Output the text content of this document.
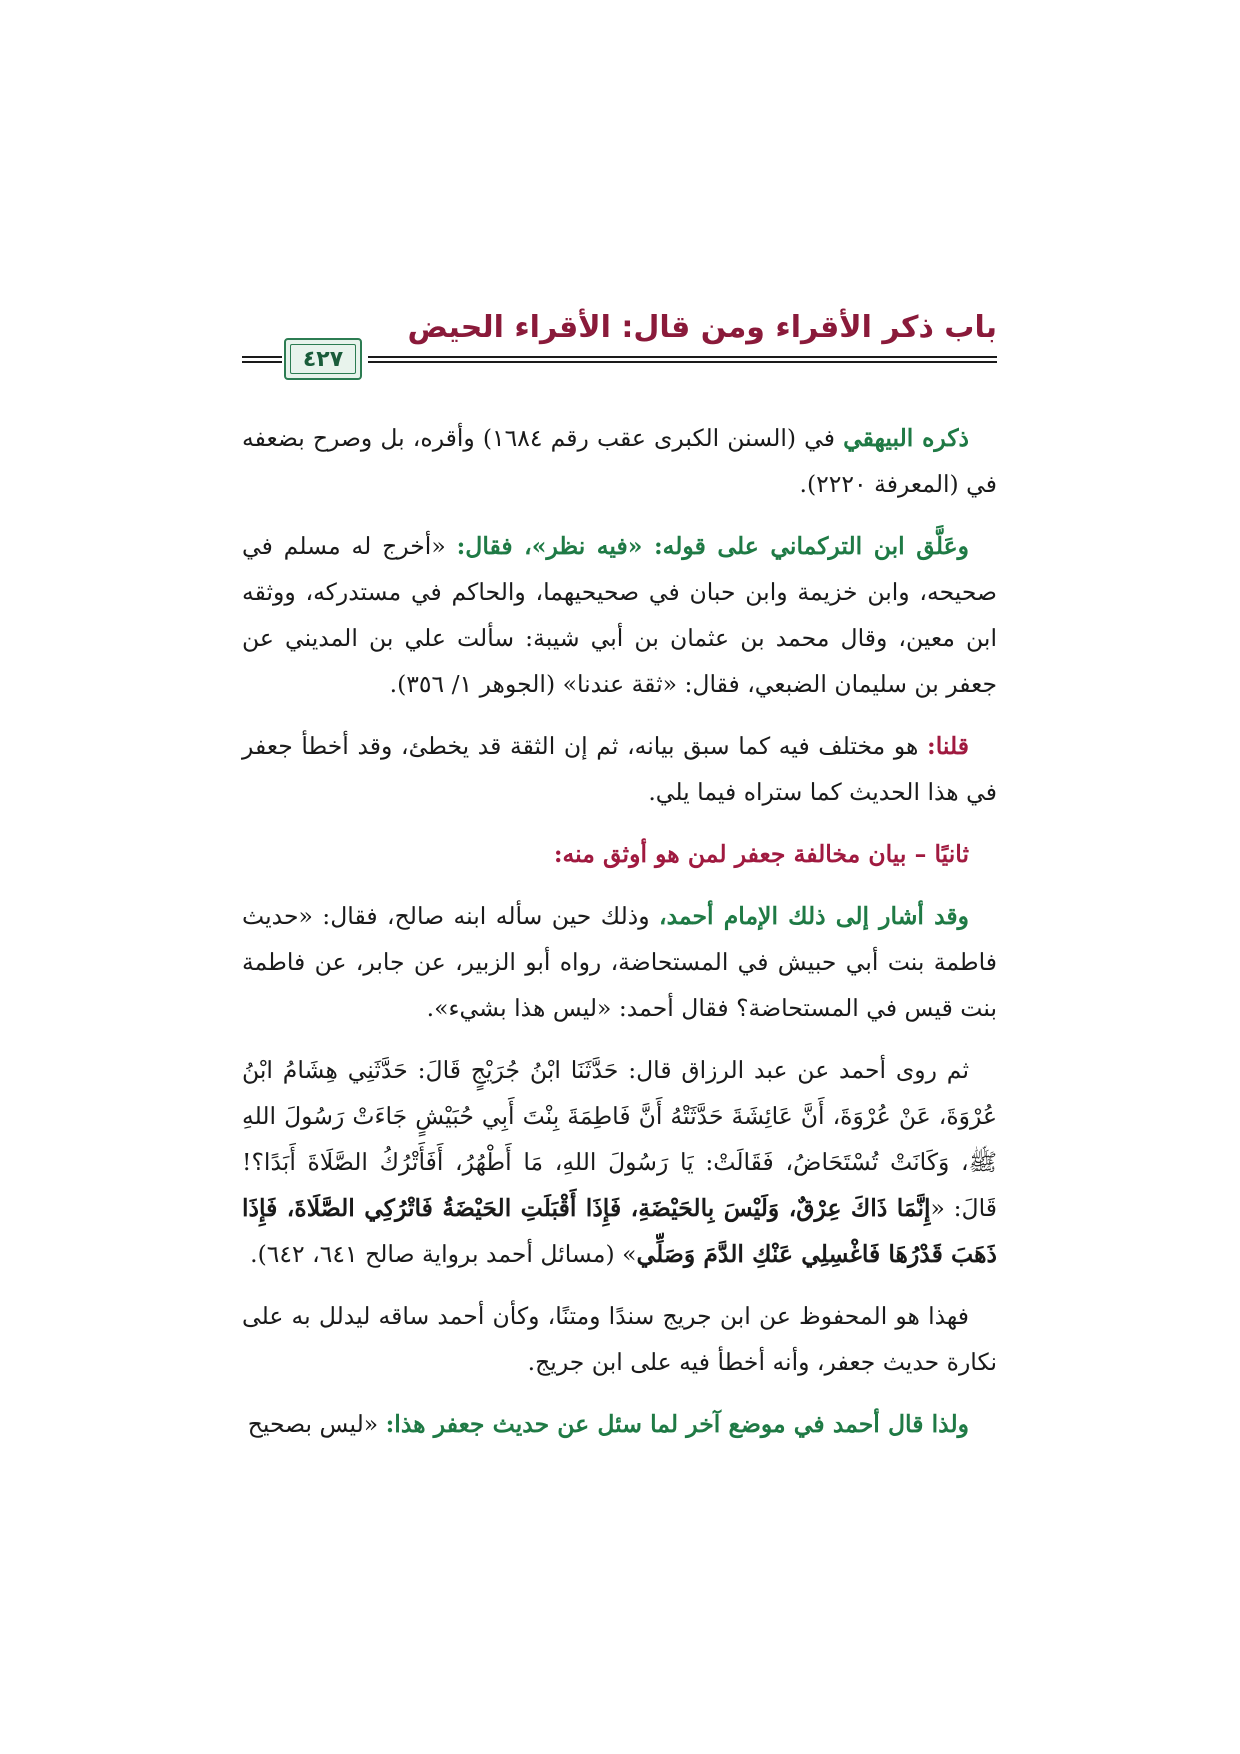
باب ذكر الأقراء ومن قال: الأقراء الحيض
٤٢٧

ذكره البيهقي في (السنن الكبرى عقب رقم ١٦٨٤) وأقره، بل وصرح بضعفه في (المعرفة ٢٢٢٠).

وعَلَّق ابن التركماني على قوله: «فيه نظر»، فقال: «أخرج له مسلم في صحيحه، وابن خزيمة وابن حبان في صحيحيهما، والحاكم في مستدركه، ووثقه ابن معين، وقال محمد بن عثمان بن أبي شيبة: سألت علي بن المديني عن جعفر بن سليمان الضبعي، فقال: «ثقة عندنا» (الجوهر ١/ ٣٥٦).

قلنا: هو مختلف فيه كما سبق بيانه، ثم إن الثقة قد يخطئ، وقد أخطأ جعفر في هذا الحديث كما ستراه فيما يلي.

ثانيًا – بيان مخالفة جعفر لمن هو أوثق منه:

وقد أشار إلى ذلك الإمام أحمد، وذلك حين سأله ابنه صالح، فقال: «حديث فاطمة بنت أبي حبيش في المستحاضة، رواه أبو الزبير، عن جابر، عن فاطمة بنت قيس في المستحاضة؟ فقال أحمد: «ليس هذا بشيء».

ثم روى أحمد عن عبد الرزاق قال: حَدَّثَنَا ابْنُ جُرَيْجٍ قَالَ: حَدَّثَنِي هِشَامُ ابْنُ عُرْوَةَ، عَنْ عُرْوَةَ، أَنَّ عَائِشَةَ حَدَّثَتْهُ أَنَّ فَاطِمَةَ بِنْتَ أَبِي حُبَيْشٍ جَاءَتْ رَسُولَ اللهِ ﷺ، وَكَانَتْ تُسْتَحَاضُ، فَقَالَتْ: يَا رَسُولَ اللهِ، مَا أَطْهُرُ، أَفَأَتْرُكُ الصَّلَاةَ أَبَدًا؟! قَالَ: «إِنَّمَا ذَاكَ عِرْقٌ، وَلَيْسَ بِالحَيْضَةِ، فَإِذَا أَقْبَلَتِ الحَيْضَةُ فَاتْرُكِي الصَّلَاةَ، فَإِذَا ذَهَبَ قَدْرُهَا فَاغْسِلِي عَنْكِ الدَّمَ وَصَلِّي» (مسائل أحمد برواية صالح ٦٤١، ٦٤٢).

فهذا هو المحفوظ عن ابن جريج سندًا ومتنًا، وكأن أحمد ساقه ليدلل به على نكارة حديث جعفر، وأنه أخطأ فيه على ابن جريج.

ولذا قال أحمد في موضع آخر لما سئل عن حديث جعفر هذا: «ليس بصحيح
